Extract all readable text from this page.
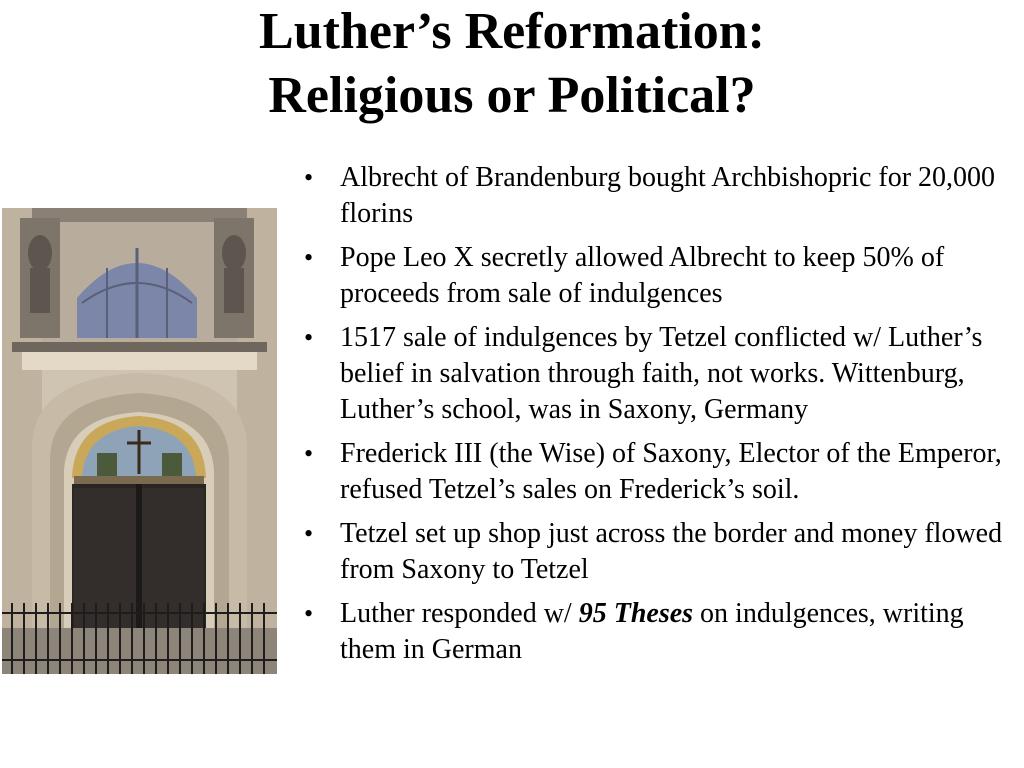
Luther’s Reformation:
Religious or Political?
• Albrecht of Brandenburg bought Archbishopric for 20,000 florins
• Pope Leo X secretly allowed Albrecht to keep 50% of proceeds from sale of indulgences
• 1517 sale of indulgences by Tetzel conflicted w/ Luther’s belief in salvation through faith, not works. Wittenburg, Luther’s school, was in Saxony, Germany
• Frederick III (the Wise) of Saxony, Elector of the Emperor, refused Tetzel’s sales on Frederick’s soil.
• Tetzel set up shop just across the border and money flowed from Saxony to Tetzel
• Luther responded w/ 95 Theses on indulgences, writing them in German
